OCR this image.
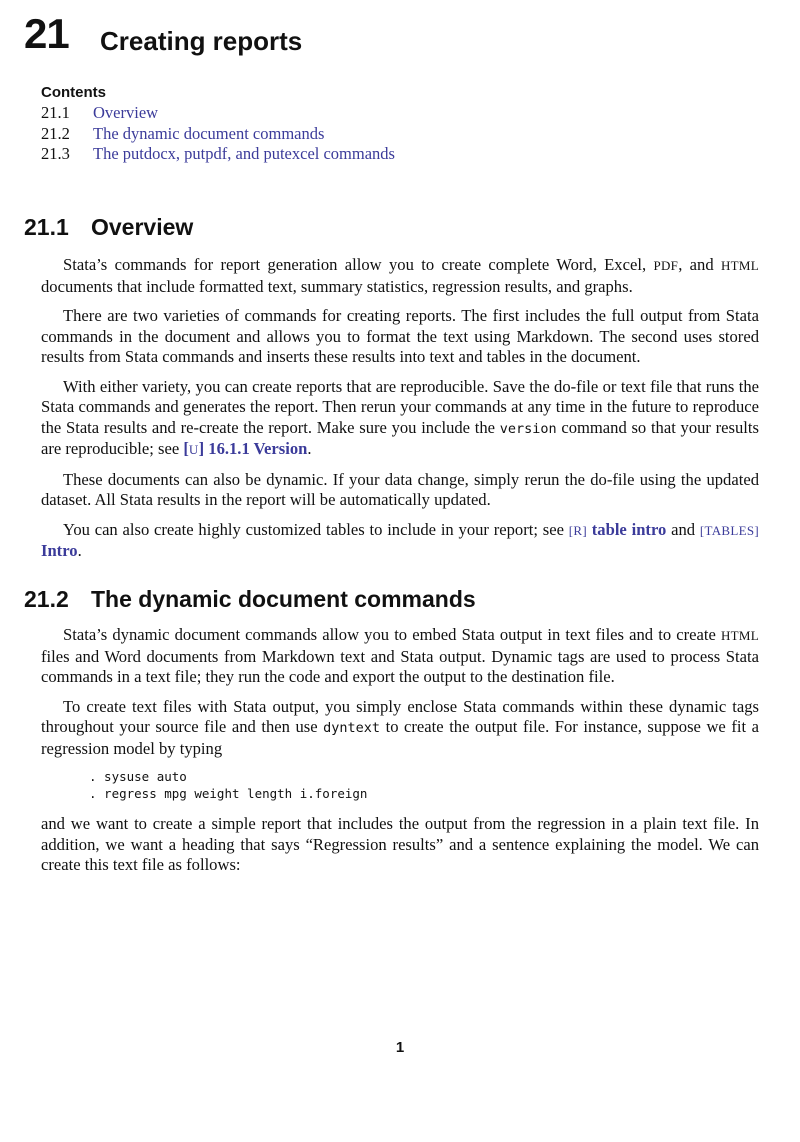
21 Creating reports
Contents
21.1	Overview
21.2	The dynamic document commands
21.3	The putdocx, putpdf, and putexcel commands
21.1 Overview

Stata’s commands for report generation allow you to create complete Word, Excel, PDF, and HTML documents that include formatted text, summary statistics, regression results, and graphs.

There are two varieties of commands for creating reports. The first includes the full output from Stata commands in the document and allows you to format the text using Markdown. The second uses stored results from Stata commands and inserts these results into text and tables in the document.

With either variety, you can create reports that are reproducible. Save the do-file or text file that runs the Stata commands and generates the report. Then rerun your commands at any time in the future to reproduce the Stata results and re-create the report. Make sure you include the version command so that your results are reproducible; see [U] 16.1.1 Version.

These documents can also be dynamic. If your data change, simply rerun the do-file using the updated dataset. All Stata results in the report will be automatically updated.

You can also create highly customized tables to include in your report; see [R] table intro and [TABLES] Intro.

21.2 The dynamic document commands

Stata’s dynamic document commands allow you to embed Stata output in text files and to create HTML files and Word documents from Markdown text and Stata output. Dynamic tags are used to process Stata commands in a text file; they run the code and export the output to the destination file.

To create text files with Stata output, you simply enclose Stata commands within these dynamic tags throughout your source file and then use dyntext to create the output file. For instance, suppose we fit a regression model by typing

. sysuse auto
. regress mpg weight length i.foreign

and we want to create a simple report that includes the output from the regression in a plain text file. In addition, we want a heading that says “Regression results” and a sentence explaining the model. We can create this text file as follows:

1
